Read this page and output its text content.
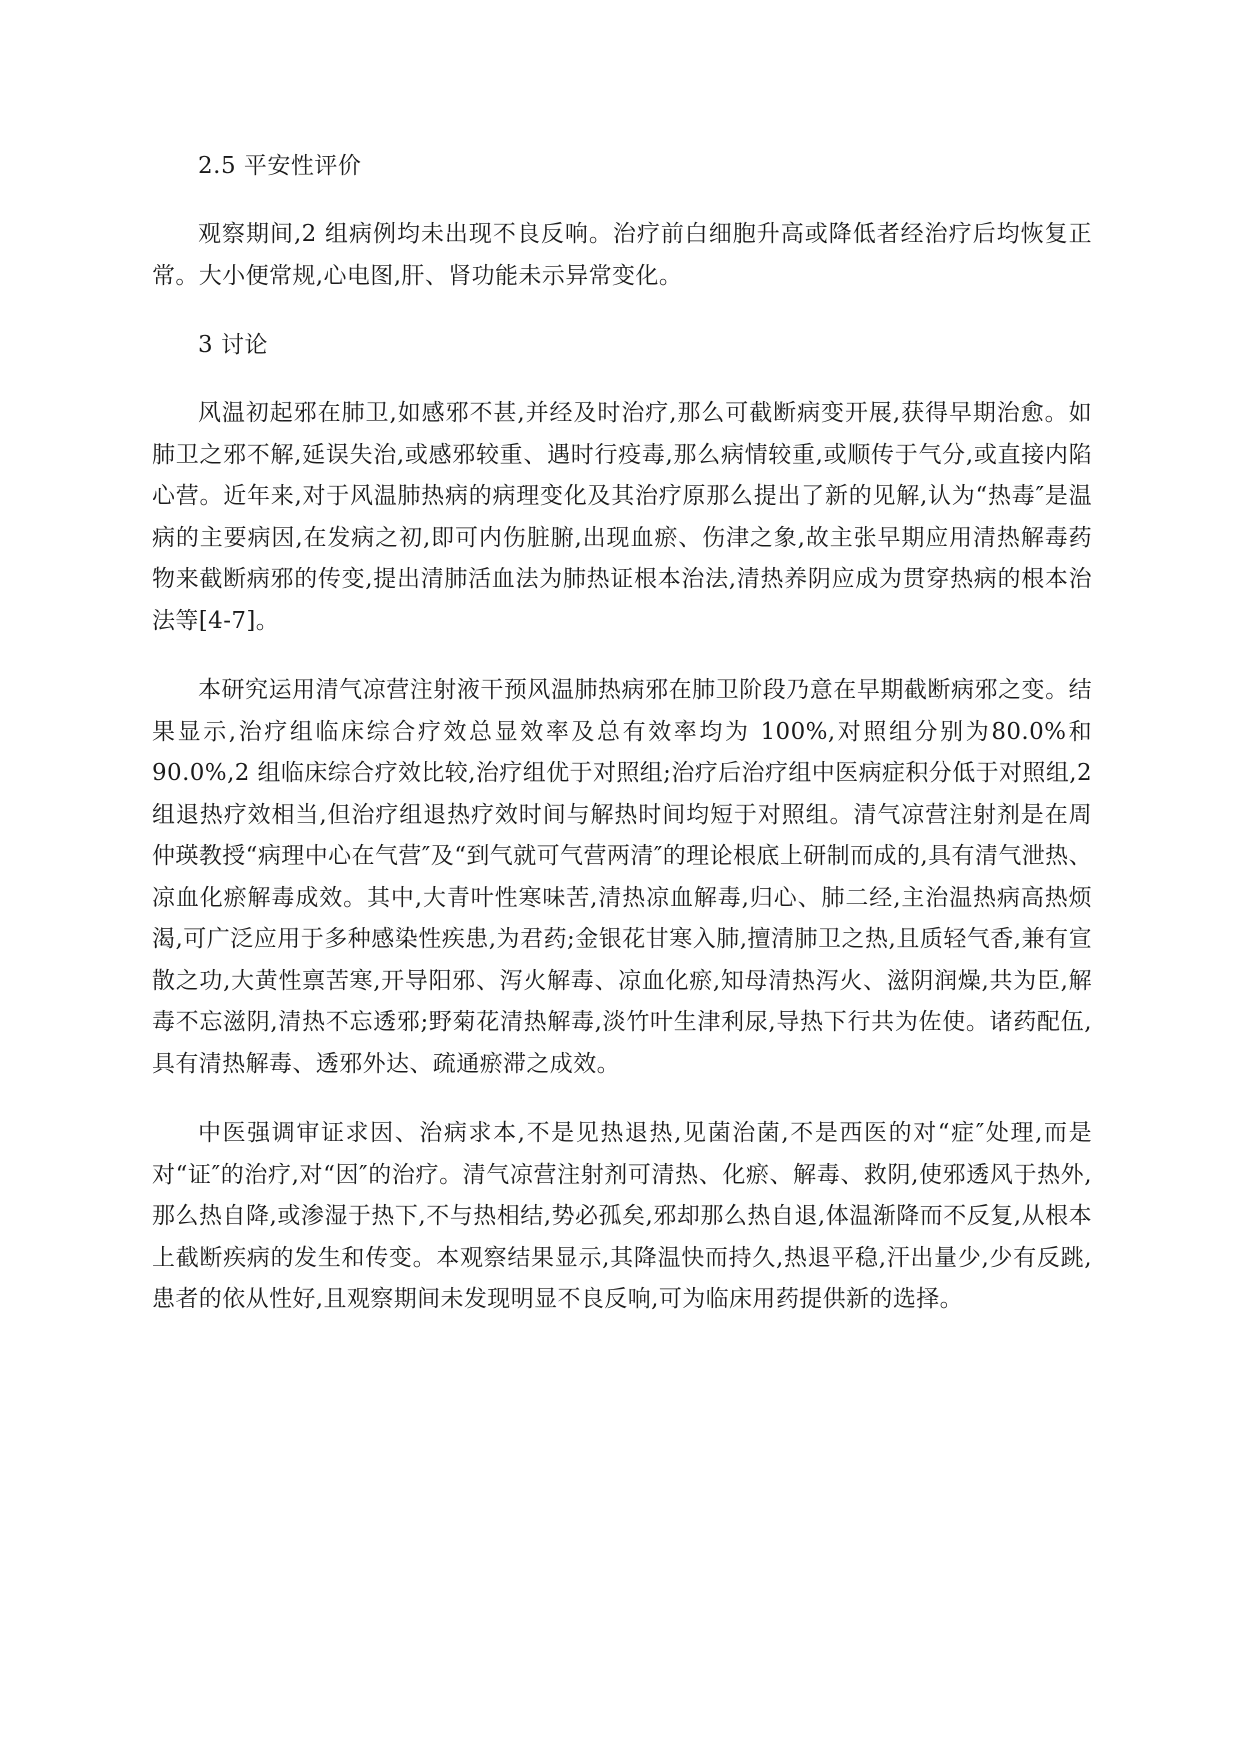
2.5 平安性评价

观察期间,2 组病例均未出现不良反响。治疗前白细胞升高或降低者经治疗后均恢复正常。大小便常规,心电图,肝、肾功能未示异常变化。

3 讨论

风温初起邪在肺卫,如感邪不甚,并经及时治疗,那么可截断病变开展,获得早期治愈。如肺卫之邪不解,延误失治,或感邪较重、遇时行疫毒,那么病情较重,或顺传于气分,或直接内陷心营。近年来,对于风温肺热病的病理变化及其治疗原那么提出了新的见解,认为“热毒″是温病的主要病因,在发病之初,即可内伤脏腑,出现血瘀、伤津之象,故主张早期应用清热解毒药物来截断病邪的传变,提出清肺活血法为肺热证根本治法,清热养阴应成为贯穿热病的根本治法等[4-7]。

本研究运用清气凉营注射液干预风温肺热病邪在肺卫阶段乃意在早期截断病邪之变。结果显示,治疗组临床综合疗效总显效率及总有效率均为 100%,对照组分别为80.0%和 90.0%,2 组临床综合疗效比较,治疗组优于对照组;治疗后治疗组中医病症积分低于对照组,2 组退热疗效相当,但治疗组退热疗效时间与解热时间均短于对照组。清气凉营注射剂是在周仲瑛教授“病理中心在气营″及“到气就可气营两清″的理论根底上研制而成的,具有清气泄热、凉血化瘀解毒成效。其中,大青叶性寒味苦,清热凉血解毒,归心、肺二经,主治温热病高热烦渴,可广泛应用于多种感染性疾患,为君药;金银花甘寒入肺,擅清肺卫之热,且质轻气香,兼有宣散之功,大黄性禀苦寒,开导阳邪、泻火解毒、凉血化瘀,知母清热泻火、滋阴润燥,共为臣,解毒不忘滋阴,清热不忘透邪;野菊花清热解毒,淡竹叶生津利尿,导热下行共为佐使。诸药配伍,具有清热解毒、透邪外达、疏通瘀滞之成效。

中医强调审证求因、治病求本,不是见热退热,见菌治菌,不是西医的对“症″处理,而是对“证″的治疗,对“因″的治疗。清气凉营注射剂可清热、化瘀、解毒、救阴,使邪透风于热外,那么热自降,或渗湿于热下,不与热相结,势必孤矣,邪却那么热自退,体温渐降而不反复,从根本上截断疾病的发生和传变。本观察结果显示,其降温快而持久,热退平稳,汗出量少,少有反跳,患者的依从性好,且观察期间未发现明显不良反响,可为临床用药提供新的选择。
